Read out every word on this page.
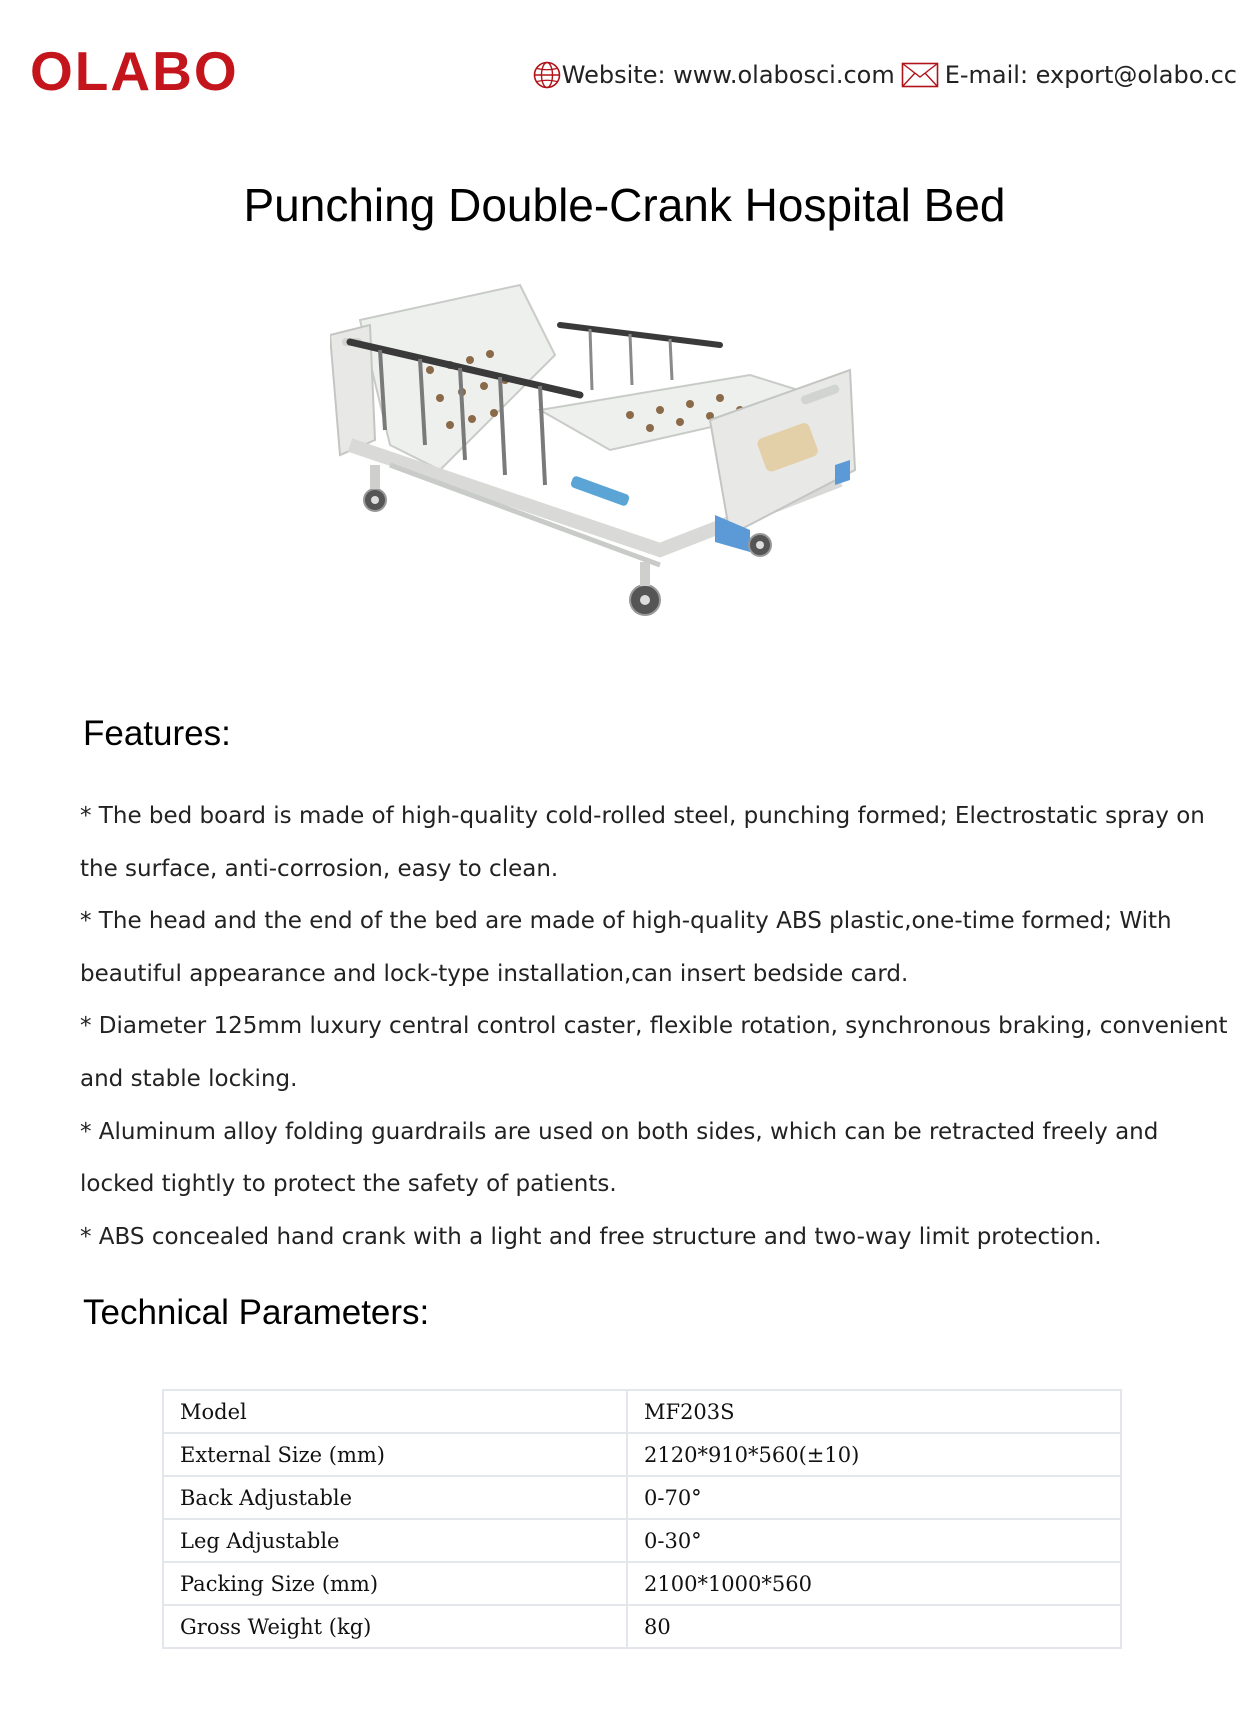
OLABO	Website: www.olabosci.com E-mail: export@olabo.cc
Punching Double-Crank Hospital Bed
Features:

* The bed board is made of high-quality cold-rolled steel, punching formed; Electrostatic spray on the surface, anti-corrosion, easy to clean.

* The head and the end of the bed are made of high-quality ABS plastic,one-time formed; With beautiful appearance and lock-type installation,can insert bedside card.

* Diameter 125mm luxury central control caster, flexible rotation, synchronous braking, convenient and stable locking.

* Aluminum alloy folding guardrails are used on both sides, which can be retracted freely and locked tightly to protect the safety of patients.

* ABS concealed hand crank with a light and free structure and two-way limit protection.

Technical Parameters:
Model	MF203S
External Size (mm)	2120*910*560(±10)
Back Adjustable	0-70°
Leg Adjustable	0-30°
Packing Size (mm)	2100*1000*560
Gross Weight (kg)	80
